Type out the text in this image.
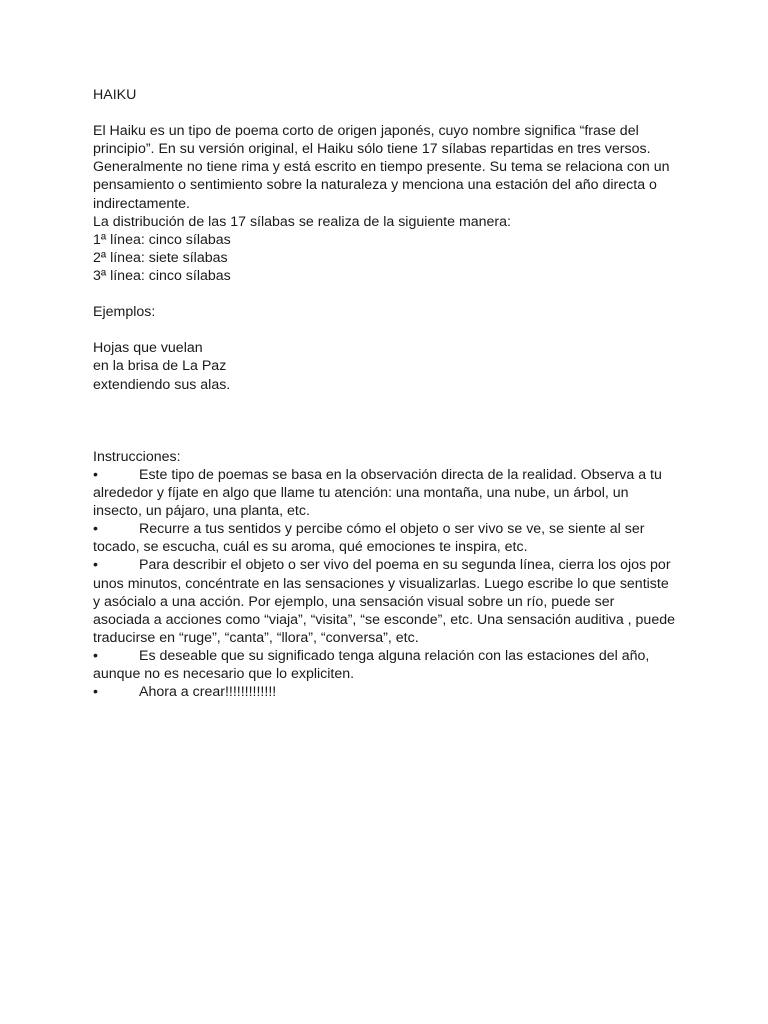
HAIKU
El Haiku es un tipo de poema corto de origen japonés, cuyo nombre significa “frase del
principio”. En su versión original, el Haiku sólo tiene 17 sílabas repartidas en tres versos.
Generalmente no tiene rima y está escrito en tiempo presente. Su tema se relaciona con un
pensamiento o sentimiento sobre la naturaleza y menciona una estación del año directa o
indirectamente.
La distribución de las 17 sílabas se realiza de la siguiente manera:
1ª línea: cinco sílabas
2ª línea: siete sílabas
3ª línea: cinco sílabas
Ejemplos:
Hojas que vuelan
en la brisa de La Paz
extendiendo sus alas.
Instrucciones:
•	Este tipo de poemas se basa en la observación directa de la realidad. Observa a tu
alrededor y fíjate en algo que llame tu atención: una montaña, una nube, un árbol, un
insecto, un pájaro, una planta, etc.
•	Recurre a tus sentidos y percibe cómo el objeto o ser vivo se ve, se siente al ser
tocado, se escucha, cuál es su aroma, qué emociones te inspira, etc.
•	Para describir el objeto o ser vivo del poema en su segunda línea, cierra los ojos por
unos minutos, concéntrate en las sensaciones y visualizarlas. Luego escribe lo que sentiste
y asócialo a una acción. Por ejemplo, una sensación visual sobre un río, puede ser
asociada a acciones como “viaja”, “visita”, “se esconde”, etc. Una sensación auditiva , puede
traducirse en “ruge”, “canta”, “llora”, “conversa”, etc.
•	Es deseable que su significado tenga alguna relación con las estaciones del año,
aunque no es necesario que lo expliciten.
•	Ahora a crear!!!!!!!!!!!!!
